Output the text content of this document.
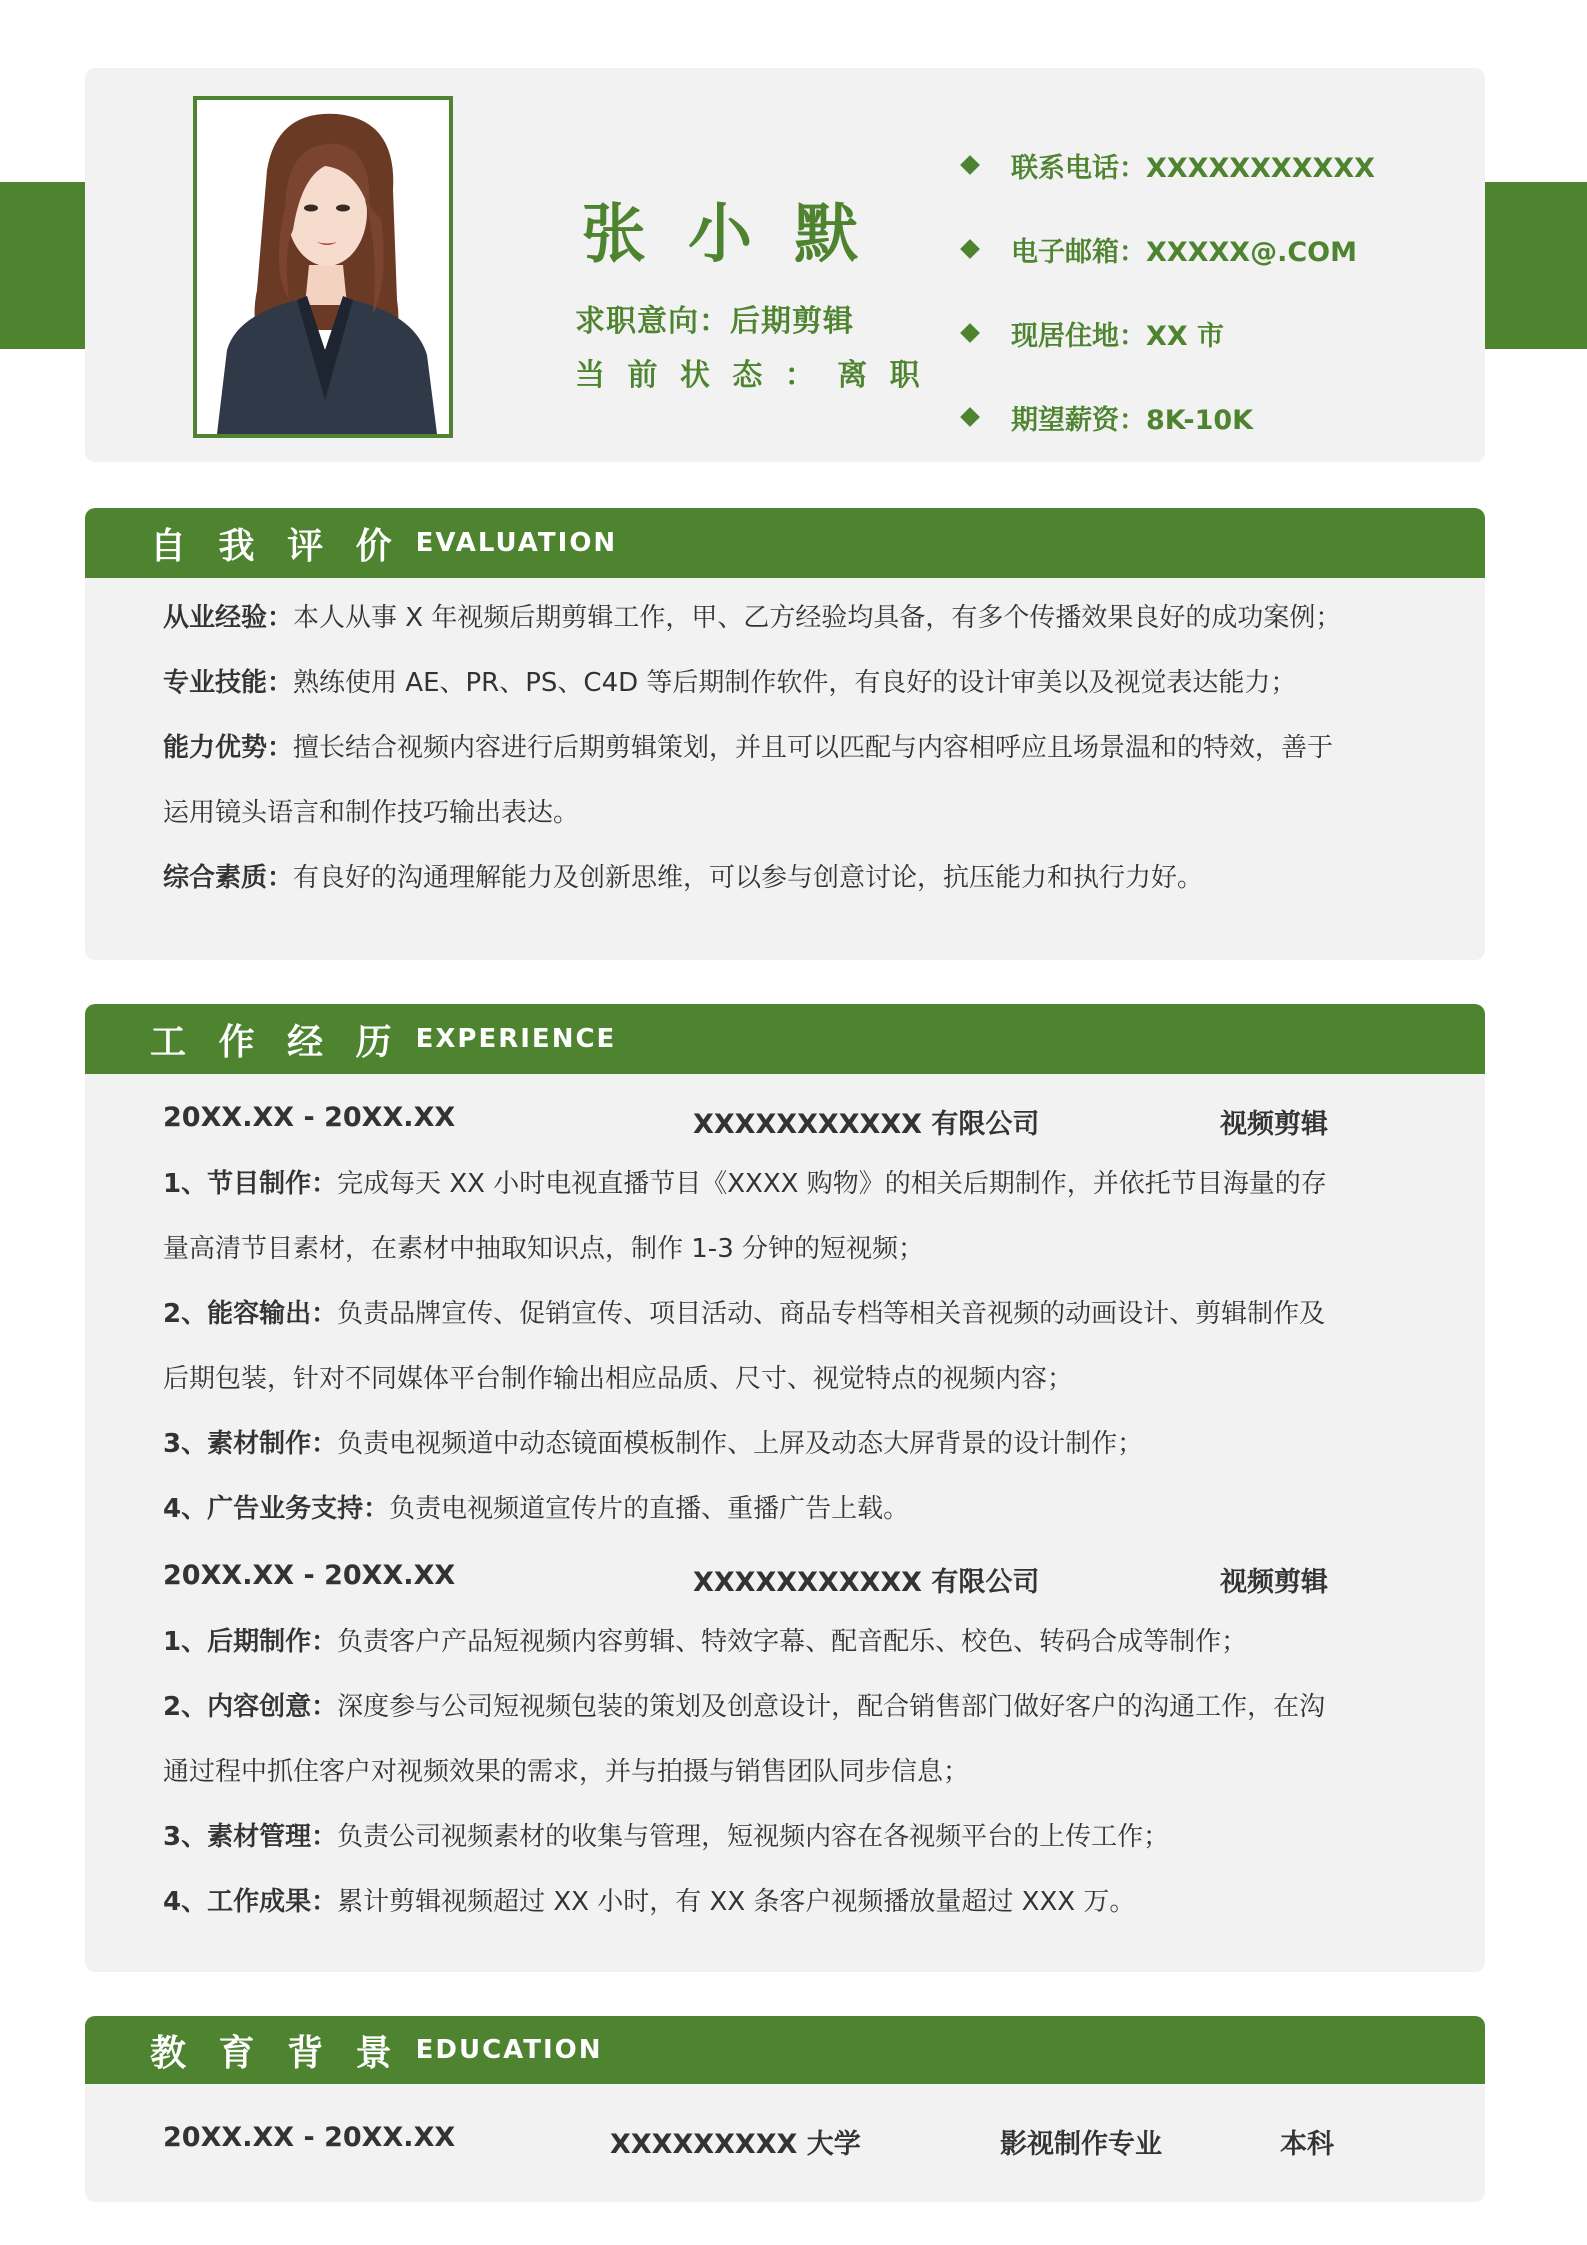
张 小 默
求职意向：后期剪辑
当 前 状 态 ： 离 职
联系电话：XXXXXXXXXXX
电子邮箱：XXXXX@.COM
现居住地：XX 市
期望薪资：8K-10K
自 我 评 价 EVALUATION
从业经验：本人从事 X 年视频后期剪辑工作，甲、乙方经验均具备，有多个传播效果良好的成功案例；
专业技能：熟练使用 AE、PR、PS、C4D 等后期制作软件，有良好的设计审美以及视觉表达能力；
能力优势：擅长结合视频内容进行后期剪辑策划，并且可以匹配与内容相呼应且场景温和的特效，善于
运用镜头语言和制作技巧输出表达。
综合素质：有良好的沟通理解能力及创新思维，可以参与创意讨论，抗压能力和执行力好。
工 作 经 历 EXPERIENCE
20XX.XX - 20XX.XX	XXXXXXXXXXX 有限公司	视频剪辑
1、节目制作：完成每天 XX 小时电视直播节目《XXXX 购物》的相关后期制作，并依托节目海量的存
量高清节目素材，在素材中抽取知识点，制作 1-3 分钟的短视频；
2、能容输出：负责品牌宣传、促销宣传、项目活动、商品专档等相关音视频的动画设计、剪辑制作及
后期包装，针对不同媒体平台制作输出相应品质、尺寸、视觉特点的视频内容；
3、素材制作：负责电视频道中动态镜面模板制作、上屏及动态大屏背景的设计制作；
4、广告业务支持：负责电视频道宣传片的直播、重播广告上载。
20XX.XX - 20XX.XX	XXXXXXXXXXX 有限公司	视频剪辑
1、后期制作：负责客户产品短视频内容剪辑、特效字幕、配音配乐、校色、转码合成等制作；
2、内容创意：深度参与公司短视频包装的策划及创意设计，配合销售部门做好客户的沟通工作，在沟
通过程中抓住客户对视频效果的需求，并与拍摄与销售团队同步信息；
3、素材管理：负责公司视频素材的收集与管理，短视频内容在各视频平台的上传工作；
4、工作成果：累计剪辑视频超过 XX 小时，有 XX 条客户视频播放量超过 XXX 万。
教 育 背 景 EDUCATION
20XX.XX - 20XX.XX	XXXXXXXXX 大学	影视制作专业	本科
